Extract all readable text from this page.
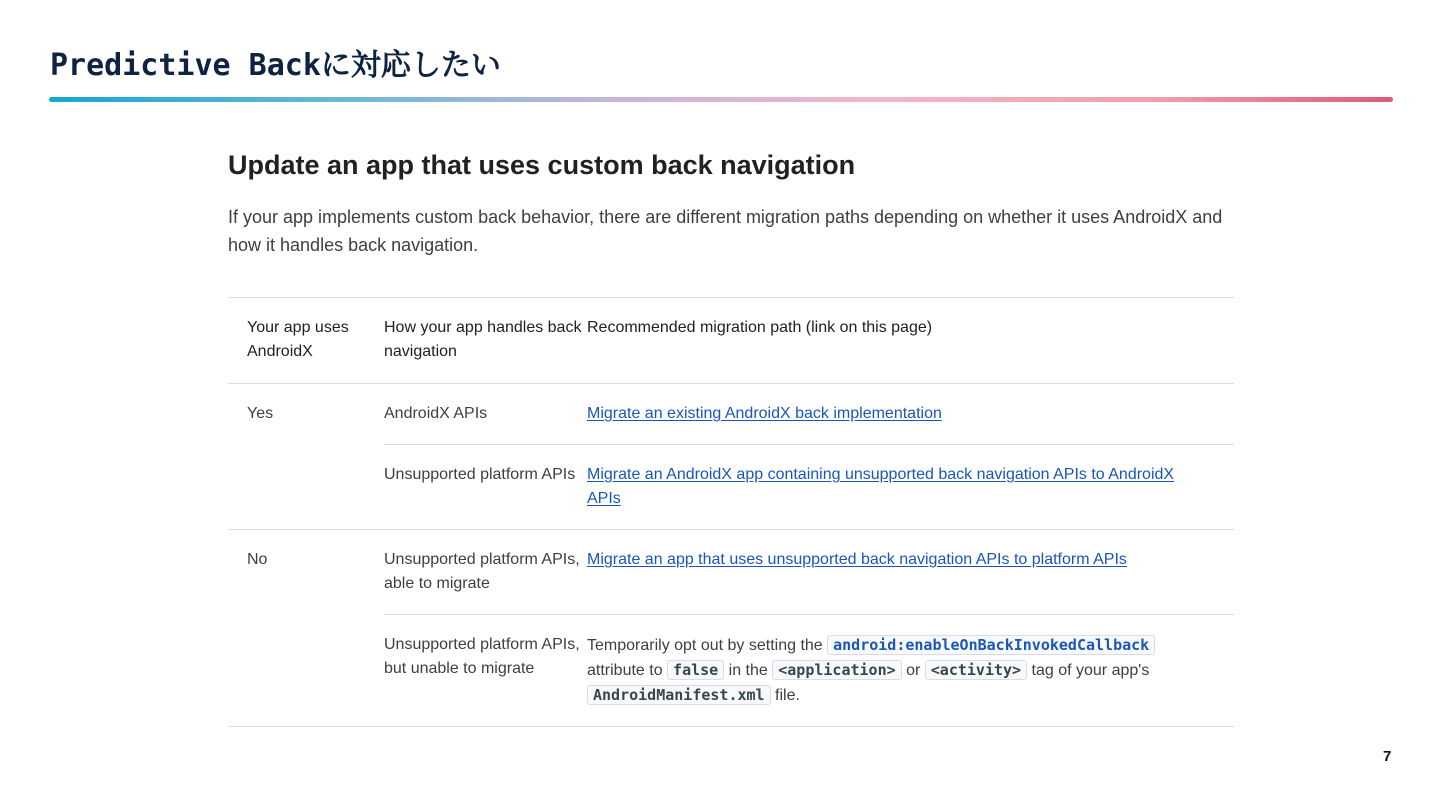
Predictive Backに対応したい
Update an app that uses custom back navigation

If your app implements custom back behavior, there are different migration paths depending on whether it uses AndroidX and how it handles back navigation.

Your app uses AndroidX	How your app handles back navigation	Recommended migration path (link on this page)
Yes	AndroidX APIs	Migrate an existing AndroidX back implementation
	Unsupported platform APIs	Migrate an AndroidX app containing unsupported back navigation APIs to AndroidX APIs
No	Unsupported platform APIs, able to migrate	Migrate an app that uses unsupported back navigation APIs to platform APIs
	Unsupported platform APIs, but unable to migrate	Temporarily opt out by setting the android:enableOnBackInvokedCallback attribute to false in the <application> or <activity> tag of your app's AndroidManifest.xml file.
7
